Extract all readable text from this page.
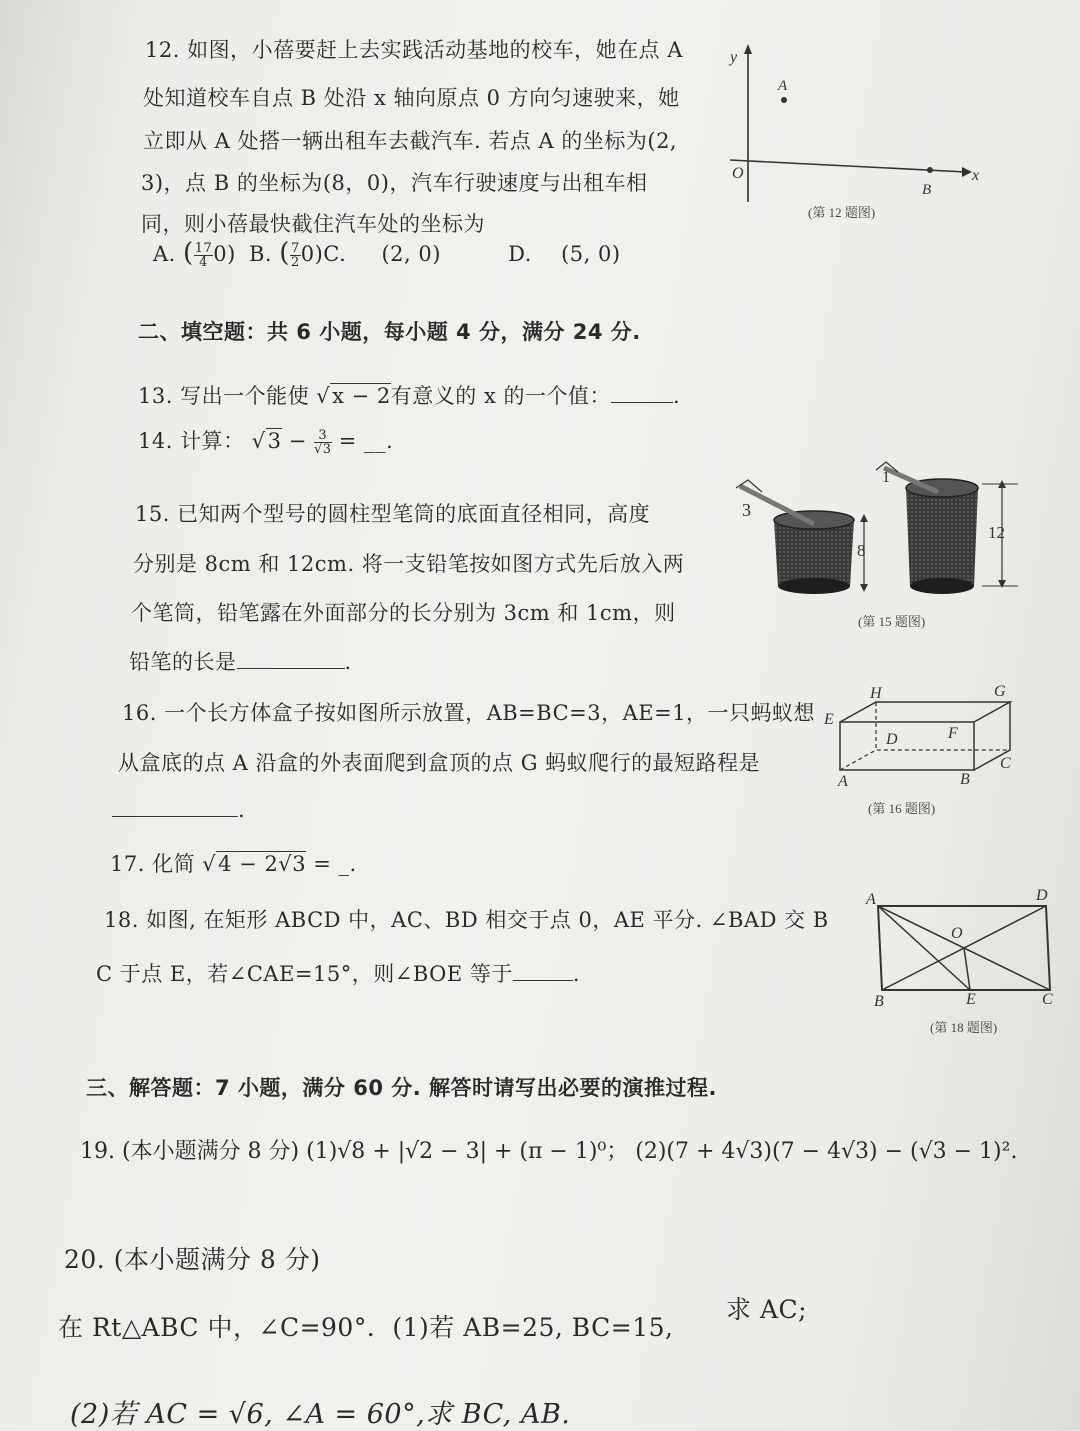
12. 如图，小蓓要赶上去实践活动基地的校车，她在点 A
处知道校车自点 B 处沿 x 轴向原点 0 方向匀速驶来，她
立即从 A 处搭一辆出租车去截汽车. 若点 A 的坐标为(2,
3)，点 B 的坐标为(8，0)，汽车行驶速度与出租车相
同，则小蓓最快截住汽车处的坐标为
A. ( $\frac{17}{4} 0$) B. ( $\frac{7}{2} 0)C$. (2, 0)	D. (5, 0)
y
x
A
O
B
(第 12 题图)
二、填空题：共 6 小题，每小题 4 分，满分 24 分.
13. 写出一个能使 √x − 2有意义的 x 的一个值：	.
14. 计算： $√3 - \frac{3}{√3}$ = __.
15. 已知两个型号的圆柱型笔筒的底面直径相同，高度
分别是 8cm 和 12cm. 将一支铅笔按如图方式先后放入两
个笔筒，铅笔露在外面部分的长分别为 3cm 和 1cm，则
铅笔的长是	.
3
8
1
12
(第 15 题图)
16. 一个长方体盒子按如图所示放置，AB=BC=3，AE=1，一只蚂蚁想
从盒底的点 A 沿盒的外表面爬到盒顶的点 G 蚂蚁爬行的最短路程是
.
H	G
E
F
D
A	B
C
(第 16 题图)
17. 化简 √4 − 2√3 = _.
18. 如图, 在矩形 ABCD 中，AC、BD 相交于点 0，AE 平分. ∠BAD 交 B
C 于点 E，若∠CAE=15°，则∠BOE 等于	.
A	D
O
B	E	C
(第 18 题图)
三、解答题：7 小题，满分 60 分. 解答时请写出必要的演推过程.
19. (本小题满分 8 分) (1)√8 + |√2 − 3| + (π − 1)⁰； (2)(7 + 4√3)(7 − 4√3) − (√3 − 1)².
20. (本小题满分 8 分)
在 Rt△ABC 中，∠C=90°．(1)若 AB=25, BC=15,
求 AC;
(2)若 AC = √6, ∠A = 60°,求 BC, AB.
